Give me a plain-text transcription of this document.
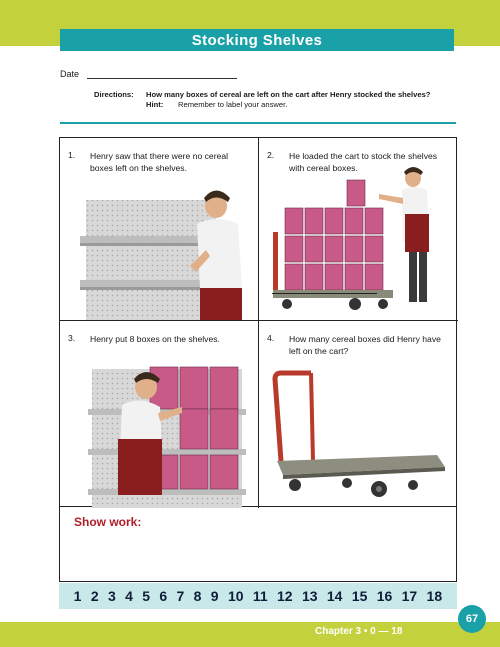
Stocking Shelves
Date
Directions:	How many boxes of cereal are left on the cart after Henry stocked the shelves?
Hint:	Remember to label your answer.
1. Henry saw that there were no cereal boxes left on the shelves.
2. He loaded the cart to stock the shelves with cereal boxes.
3. Henry put 8 boxes on the shelves.	4. How many cereal boxes did Henry have left on the cart?
Show work:
1 2 3 4 5 6 7 8 9 10 11 12 13 14 15 16 17 18
Chapter 3 • 0 — 18
67
